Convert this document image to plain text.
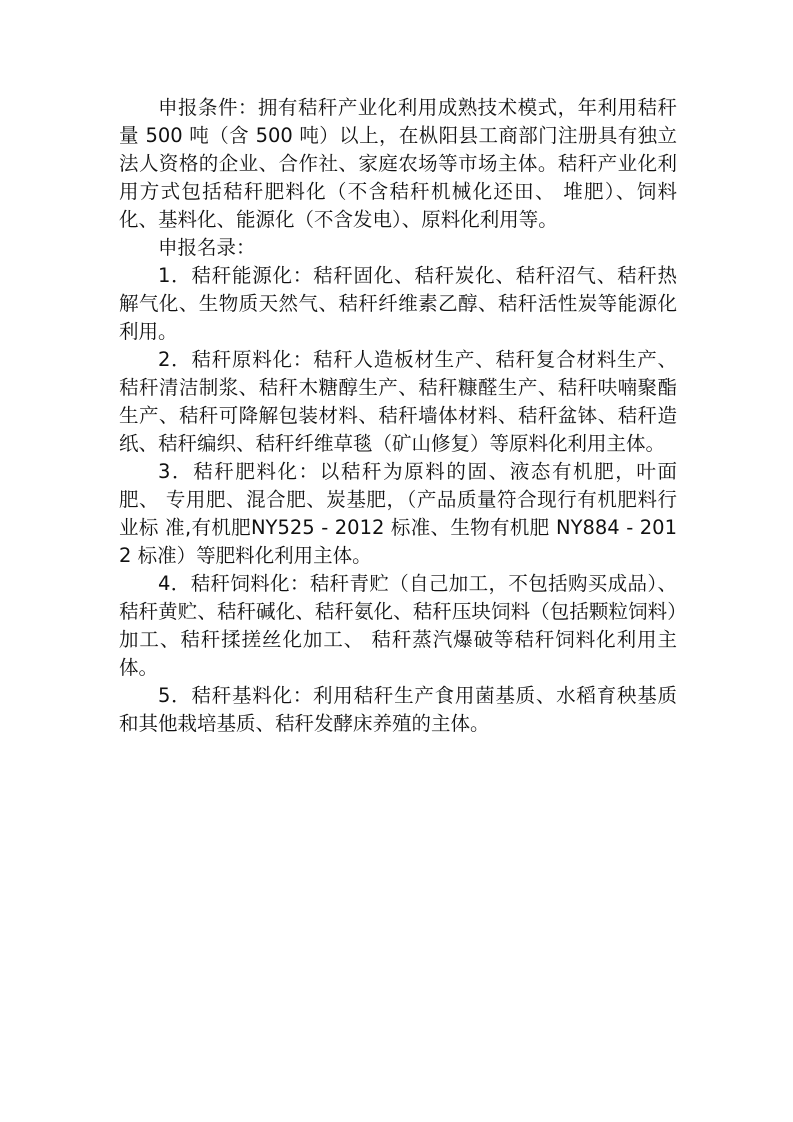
申报条件：拥有秸秆产业化利用成熟技术模式，年利用秸秆量 500 吨（含 500 吨）以上，在枞阳县工商部门注册具有独立法人资格的企业、合作社、家庭农场等市场主体。秸秆产业化利用方式包括秸秆肥料化（不含秸秆机械化还田、 堆肥）、饲料化、基料化、能源化（不含发电）、原料化利用等。

申报名录：

1．秸秆能源化：秸秆固化、秸秆炭化、秸秆沼气、秸秆热 解气化、生物质天然气、秸秆纤维素乙醇、秸秆活性炭等能源化利用。

2．秸秆原料化：秸秆人造板材生产、秸秆复合材料生产、 秸秆清洁制浆、秸秆木糖醇生产、秸秆糠醛生产、秸秆呋喃聚酯 生产、秸秆可降解包装材料、秸秆墙体材料、秸秆盆钵、秸秆造 纸、秸秆编织、秸秆纤维草毯（矿山修复）等原料化利用主体。

3．秸秆肥料化：以秸秆为原料的固、液态有机肥，叶面肥、 专用肥、混合肥、炭基肥，（产品质量符合现行有机肥料行业标 准,有机肥NY525 - 2012 标准、生物有机肥 NY884 - 2012 标准）等肥料化利用主体。

4．秸秆饲料化：秸秆青贮（自己加工，不包括购买成品）、秸秆黄贮、秸秆碱化、秸秆氨化、秸秆压块饲料（包括颗粒饲料）加工、秸秆揉搓丝化加工、 秸秆蒸汽爆破等秸秆饲料化利用主体。

5．秸秆基料化：利用秸秆生产食用菌基质、水稻育秧基质和其他栽培基质、秸秆发酵床养殖的主体。
